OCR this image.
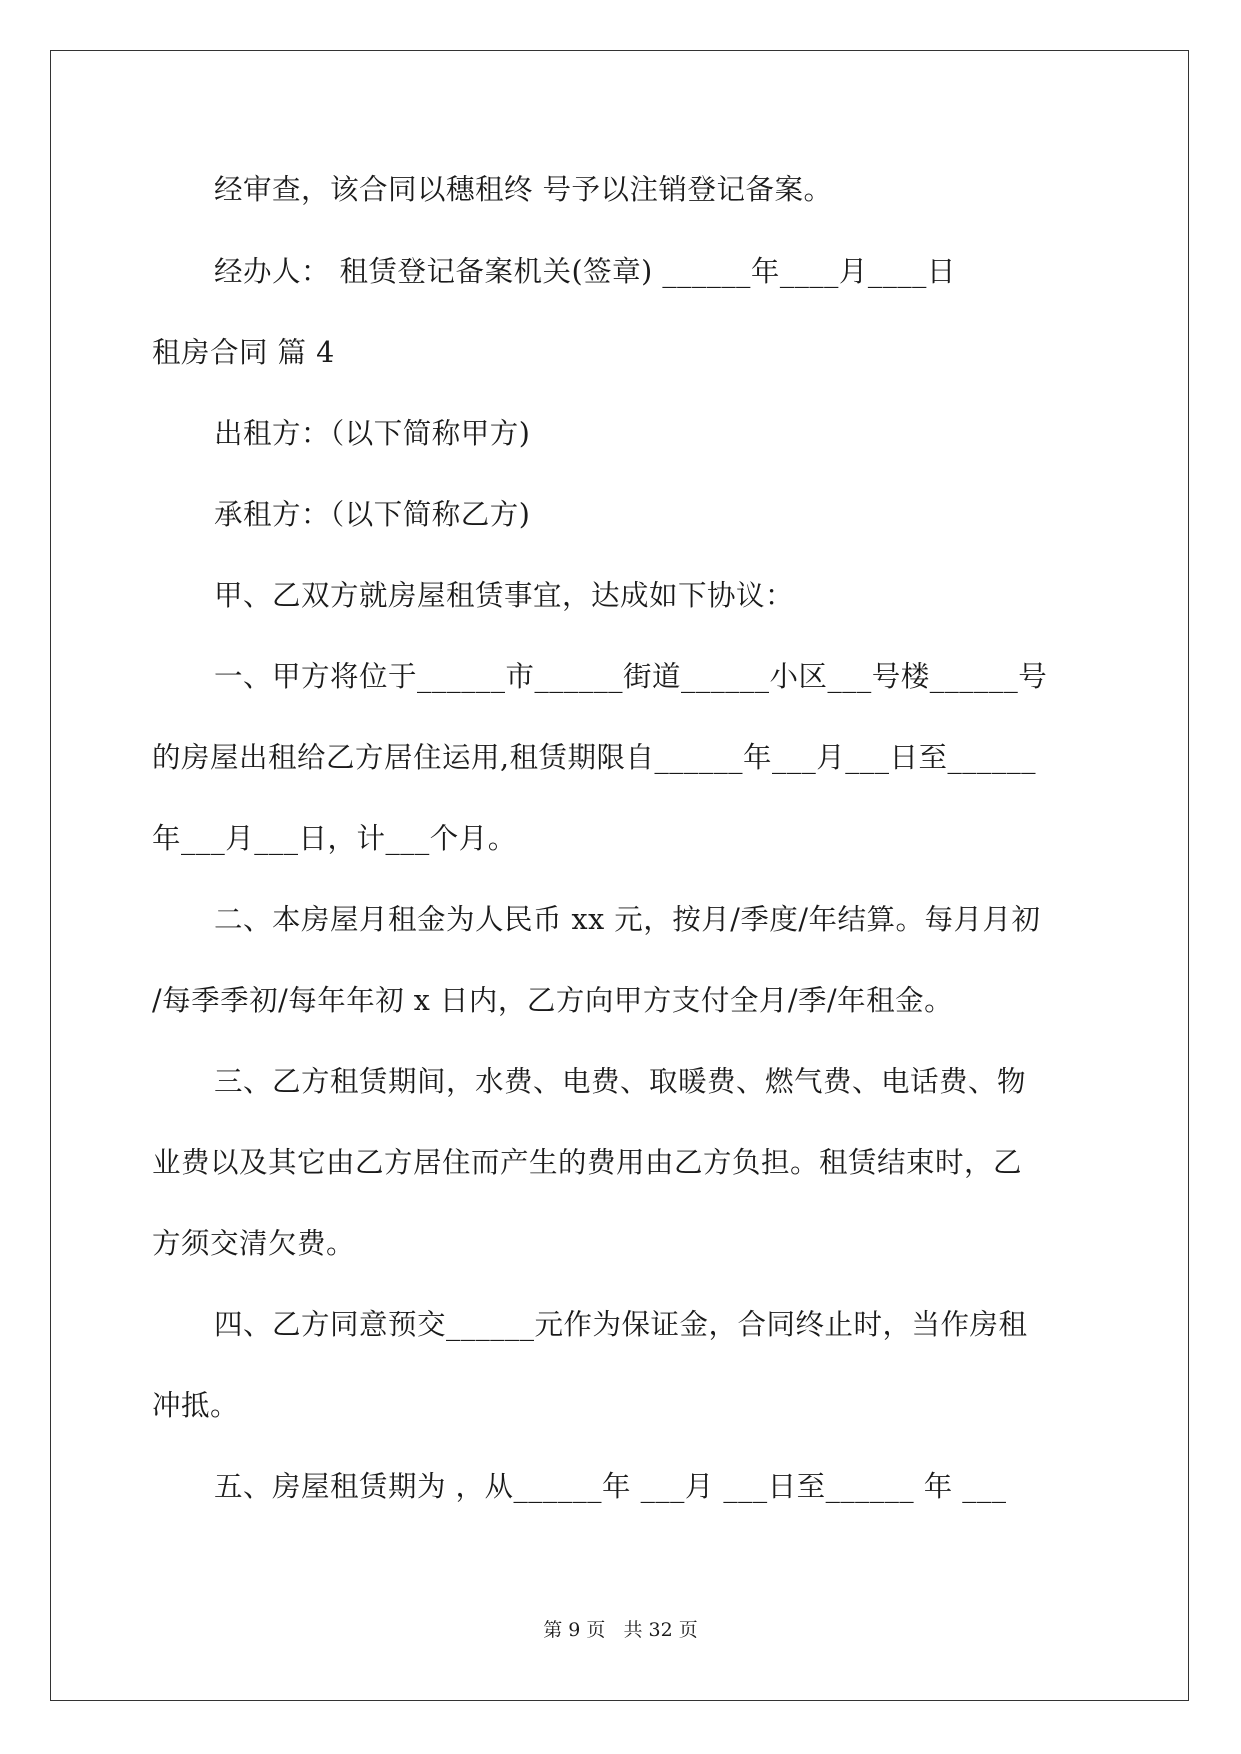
经审查，该合同以穗租终 号予以注销登记备案。
经办人： 租赁登记备案机关(签章) ______年____月____日
租房合同 篇 4
出租方：（以下简称甲方)
承租方：（以下简称乙方)
甲、乙双方就房屋租赁事宜，达成如下协议：
一、甲方将位于______市______街道______小区___号楼______号
的房屋出租给乙方居住运用,租赁期限自______年___月___日至______
年___月___日，计___个月。
二、本房屋月租金为人民币 xx 元，按月/季度/年结算。每月月初
/每季季初/每年年初 x 日内，乙方向甲方支付全月/季/年租金。
三、乙方租赁期间，水费、电费、取暖费、燃气费、电话费、物
业费以及其它由乙方居住而产生的费用由乙方负担。租赁结束时，乙
方须交清欠费。
四、乙方同意预交______元作为保证金，合同终止时，当作房租
冲抵。
五、房屋租赁期为 ，从______年 ___月 ___日至______ 年 ___
第 9 页   共 32 页
